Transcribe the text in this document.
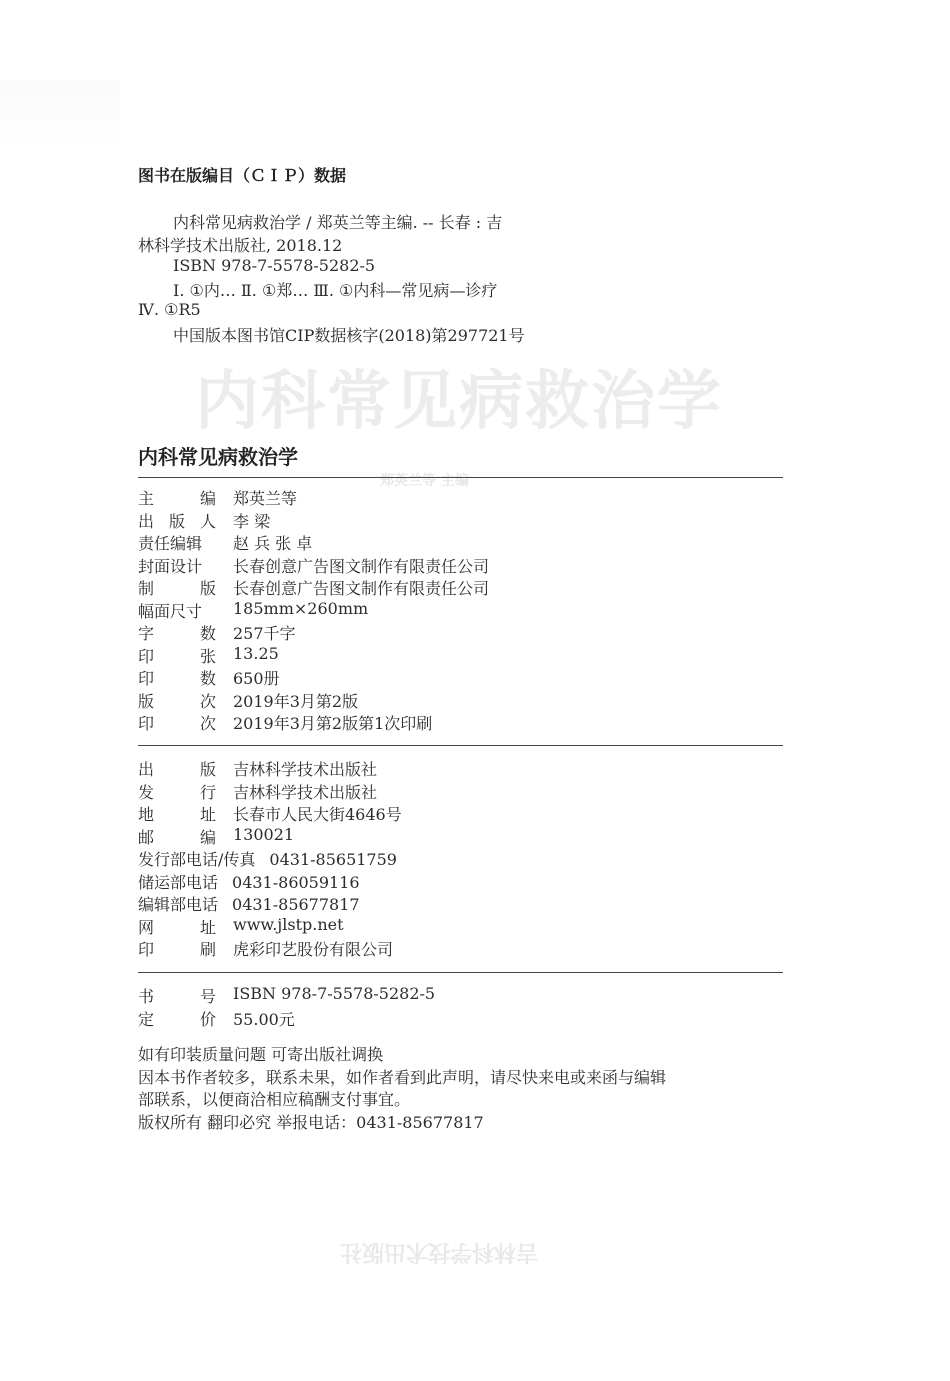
内科常见病救治学
郑英兰等 主编
吉林科学技术出版社
图书在版编目（ＣＩＰ）数据
内科常见病救治学 / 郑英兰等主编. -- 长春 : 吉
林科学技术出版社, 2018.12
ISBN 978-7-5578-5282-5
Ⅰ. ①内… Ⅱ. ①郑… Ⅲ. ①内科—常见病—诊疗
Ⅳ. ①R5
中国版本图书馆CIP数据核字(2018)第297721号
内科常见病救治学
主	编 郑英兰等
出 版 人 李 梁
责任编辑	赵 兵 张 卓
封面设计	长春创意广告图文制作有限责任公司
制	版 长春创意广告图文制作有限责任公司
幅面尺寸	185mm×260mm
字	数 257千字
印	张 13.25
印	数 650册
版	次 2019年3月第2版
印	次 2019年3月第2版第1次印刷
出	版 吉林科学技术出版社
发	行 吉林科学技术出版社
地	址 长春市人民大街4646号
邮	编 130021
发行部电话/传真 0431-85651759
储运部电话 0431-86059116
编辑部电话 0431-85677817
网	址 www.jlstp.net
印	刷 虎彩印艺股份有限公司
书	号 ISBN 978-7-5578-5282-5
定	价 55.00元
如有印装质量问题 可寄出版社调换
因本书作者较多，联系未果，如作者看到此声明，请尽快来电或来函与编辑
部联系，以便商洽相应稿酬支付事宜。
版权所有 翻印必究 举报电话：0431-85677817
